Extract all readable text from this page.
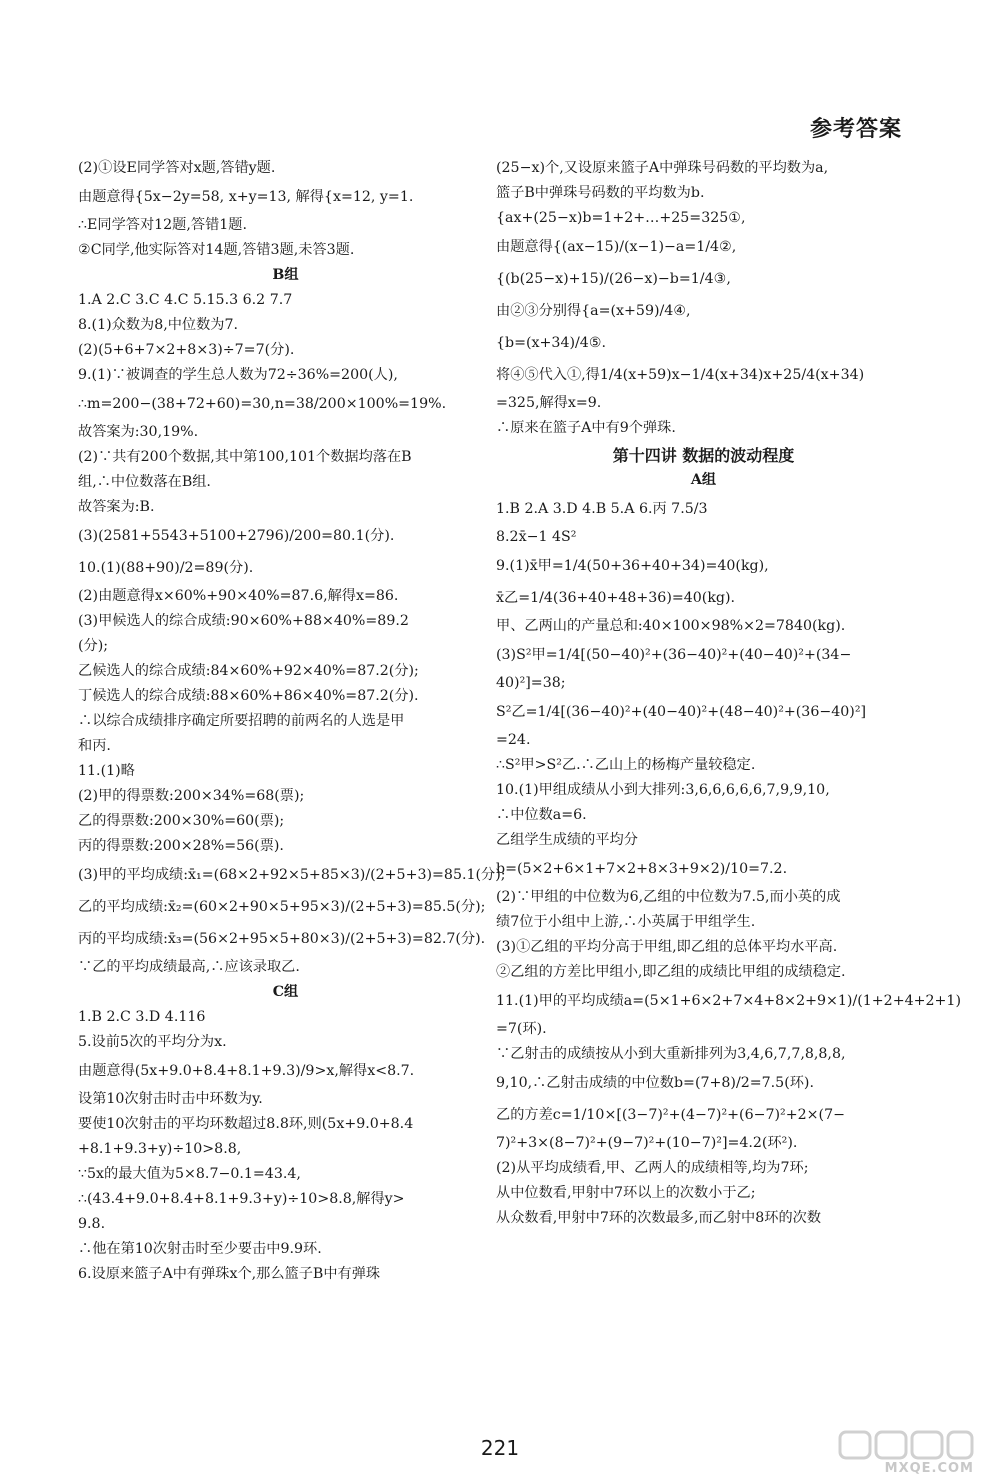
参考答案

(2)①设E同学答对x题,答错y题.

由题意得{5x−2y=58, x+y=13, 解得{x=12, y=1.

∴E同学答对12题,答错1题.

②C同学,他实际答对14题,答错3题,未答3题.

B组

1.A 2.C 3.C 4.C 5.15.3 6.2 7.7

8.(1)众数为8,中位数为7.

(2)(5+6+7×2+8×3)÷7=7(分).

9.(1)∵被调查的学生总人数为72÷36%=200(人),

∴m=200−(38+72+60)=30,n=38/200×100%=19%.

故答案为:30,19%.

(2)∵共有200个数据,其中第100,101个数据均落在B

组,∴中位数落在B组.

故答案为:B.

(3)(2581+5543+5100+2796)/200=80.1(分).

10.(1)(88+90)/2=89(分).

(2)由题意得x×60%+90×40%=87.6,解得x=86.

(3)甲候选人的综合成绩:90×60%+88×40%=89.2

(分);

乙候选人的综合成绩:84×60%+92×40%=87.2(分);

丁候选人的综合成绩:88×60%+86×40%=87.2(分).

∴以综合成绩排序确定所要招聘的前两名的人选是甲

和丙.

11.(1)略

(2)甲的得票数:200×34%=68(票);

乙的得票数:200×30%=60(票);

丙的得票数:200×28%=56(票).

(3)甲的平均成绩:x̄₁=(68×2+92×5+85×3)/(2+5+3)=85.1(分);

乙的平均成绩:x̄₂=(60×2+90×5+95×3)/(2+5+3)=85.5(分);

丙的平均成绩:x̄₃=(56×2+95×5+80×3)/(2+5+3)=82.7(分).

∵乙的平均成绩最高,∴应该录取乙.

C组

1.B 2.C 3.D 4.116

5.设前5次的平均分为x.

由题意得(5x+9.0+8.4+8.1+9.3)/9>x,解得x<8.7.

设第10次射击时击中环数为y.

要使10次射击的平均环数超过8.8环,则(5x+9.0+8.4

+8.1+9.3+y)÷10>8.8,

∵5x的最大值为5×8.7−0.1=43.4,

∴(43.4+9.0+8.4+8.1+9.3+y)÷10>8.8,解得y>

9.8.

∴他在第10次射击时至少要击中9.9环.

6.设原来篮子A中有弹珠x个,那么篮子B中有弹珠

(25−x)个,又设原来篮子A中弹珠号码数的平均数为a,

篮子B中弹珠号码数的平均数为b.

{ax+(25−x)b=1+2+…+25=325①,

由题意得{(ax−15)/(x−1)−a=1/4②,

{(b(25−x)+15)/(26−x)−b=1/4③,

由②③分别得{a=(x+59)/4④,

{b=(x+34)/4⑤.

将④⑤代入①,得1/4(x+59)x−1/4(x+34)x+25/4(x+34)

=325,解得x=9.

∴原来在篮子A中有9个弹珠.

第十四讲 数据的波动程度

A组

1.B 2.A 3.D 4.B 5.A 6.丙 7.5/3

8.2x̄−1 4S²

9.(1)x̄甲=1/4(50+36+40+34)=40(kg),

x̄乙=1/4(36+40+48+36)=40(kg).

甲、乙两山的产量总和:40×100×98%×2=7840(kg).

(3)S²甲=1/4[(50−40)²+(36−40)²+(40−40)²+(34−

40)²]=38;

S²乙=1/4[(36−40)²+(40−40)²+(48−40)²+(36−40)²]

=24.

∴S²甲>S²乙.∴乙山上的杨梅产量较稳定.

10.(1)甲组成绩从小到大排列:3,6,6,6,6,6,7,9,9,10,

∴中位数a=6.

乙组学生成绩的平均分

b=(5×2+6×1+7×2+8×3+9×2)/10=7.2.

(2)∵甲组的中位数为6,乙组的中位数为7.5,而小英的成

绩7位于小组中上游,∴小英属于甲组学生.

(3)①乙组的平均分高于甲组,即乙组的总体平均水平高.

②乙组的方差比甲组小,即乙组的成绩比甲组的成绩稳定.

11.(1)甲的平均成绩a=(5×1+6×2+7×4+8×2+9×1)/(1+2+4+2+1)

=7(环).

∵乙射击的成绩按从小到大重新排列为3,4,6,7,7,8,8,8,

9,10,∴乙射击成绩的中位数b=(7+8)/2=7.5(环).

乙的方差c=1/10×[(3−7)²+(4−7)²+(6−7)²+2×(7−

7)²+3×(8−7)²+(9−7)²+(10−7)²]=4.2(环²).

(2)从平均成绩看,甲、乙两人的成绩相等,均为7环;

从中位数看,甲射中7环以上的次数小于乙;

从众数看,甲射中7环的次数最多,而乙射中8环的次数

221
MXQE.COM
